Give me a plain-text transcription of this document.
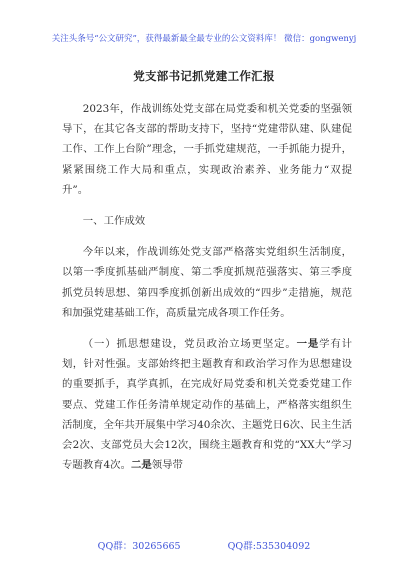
关注头条号“公文研究”，获得最新最全最专业的公文资料库！ 微信：gongwenyj
党支部书记抓党建工作汇报

2023年，作战训练处党支部在局党委和机关党委的坚强领导下，在其它各支部的帮助支持下，坚持“党建带队建、队建促工作、工作上台阶”理念，一手抓党建规范，一手抓能力提升，紧紧围绕工作大局和重点，实现政治素养、业务能力“双提升”。

一、工作成效

今年以来，作战训练处党支部严格落实党组织生活制度，以第一季度抓基础严制度、第二季度抓规范强落实、第三季度抓党员转思想、第四季度抓创新出成效的“四步”走措施，规范和加强党建基础工作，高质量完成各项工作任务。

（一）抓思想建设，党员政治立场更坚定。一是学有计划，针对性强。支部始终把主题教育和政治学习作为思想建设的重要抓手，真学真抓，在完成好局党委和机关党委党建工作要点、党建工作任务清单规定动作的基础上，严格落实组织生活制度，全年共开展集中学习40余次、主题党日6次、民主生活会2次、支部党员大会12次，围绕主题教育和党的“XX大”学习专题教育4次。二是领导带

QQ群：30265665	QQ群:535304092
